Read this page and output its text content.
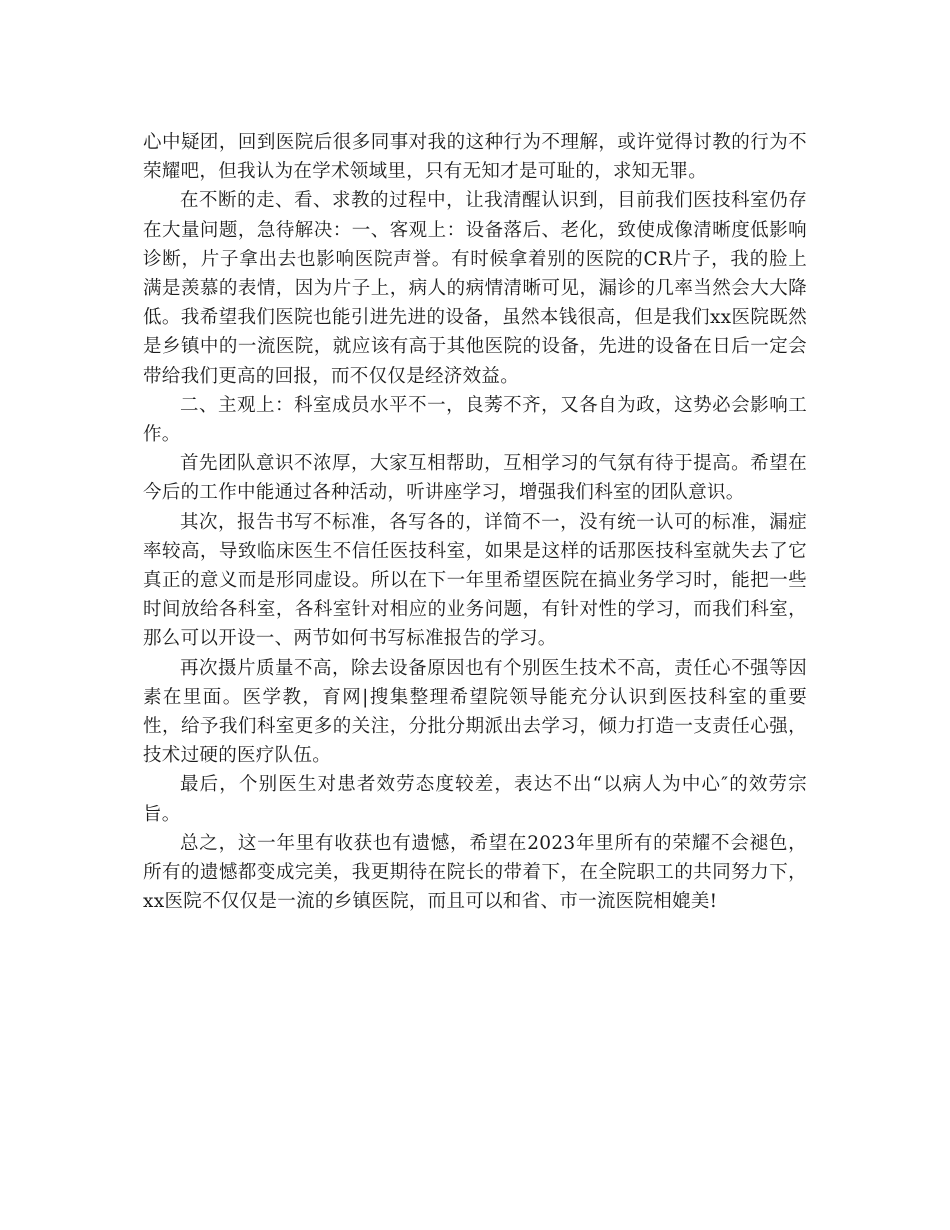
心中疑团，回到医院后很多同事对我的这种行为不理解，或许觉得讨教的行为不荣耀吧，但我认为在学术领域里，只有无知才是可耻的，求知无罪。

在不断的走、看、求教的过程中，让我清醒认识到，目前我们医技科室仍存在大量问题，急待解决：一、客观上：设备落后、老化，致使成像清晰度低影响诊断，片子拿出去也影响医院声誉。有时候拿着别的医院的CR片子，我的脸上满是羡慕的表情，因为片子上，病人的病情清晰可见，漏诊的几率当然会大大降低。我希望我们医院也能引进先进的设备，虽然本钱很高，但是我们xx医院既然是乡镇中的一流医院，就应该有高于其他医院的设备，先进的设备在日后一定会带给我们更高的回报，而不仅仅是经济效益。

二、主观上：科室成员水平不一，良莠不齐，又各自为政，这势必会影响工作。

首先团队意识不浓厚，大家互相帮助，互相学习的气氛有待于提高。希望在今后的工作中能通过各种活动，听讲座学习，增强我们科室的团队意识。

其次，报告书写不标准，各写各的，详简不一，没有统一认可的标准，漏症率较高，导致临床医生不信任医技科室，如果是这样的话那医技科室就失去了它真正的意义而是形同虚设。所以在下一年里希望医院在搞业务学习时，能把一些时间放给各科室，各科室针对相应的业务问题，有针对性的学习，而我们科室，那么可以开设一、两节如何书写标准报告的学习。

再次摄片质量不高，除去设备原因也有个别医生技术不高，责任心不强等因素在里面。医学教，育网|搜集整理希望院领导能充分认识到医技科室的重要性，给予我们科室更多的关注，分批分期派出去学习，倾力打造一支责任心强，技术过硬的医疗队伍。

最后，个别医生对患者效劳态度较差，表达不出“以病人为中心″的效劳宗旨。

总之，这一年里有收获也有遗憾，希望在2023年里所有的荣耀不会褪色，所有的遗憾都变成完美，我更期待在院长的带着下，在全院职工的共同努力下，xx医院不仅仅是一流的乡镇医院，而且可以和省、市一流医院相媲美!
